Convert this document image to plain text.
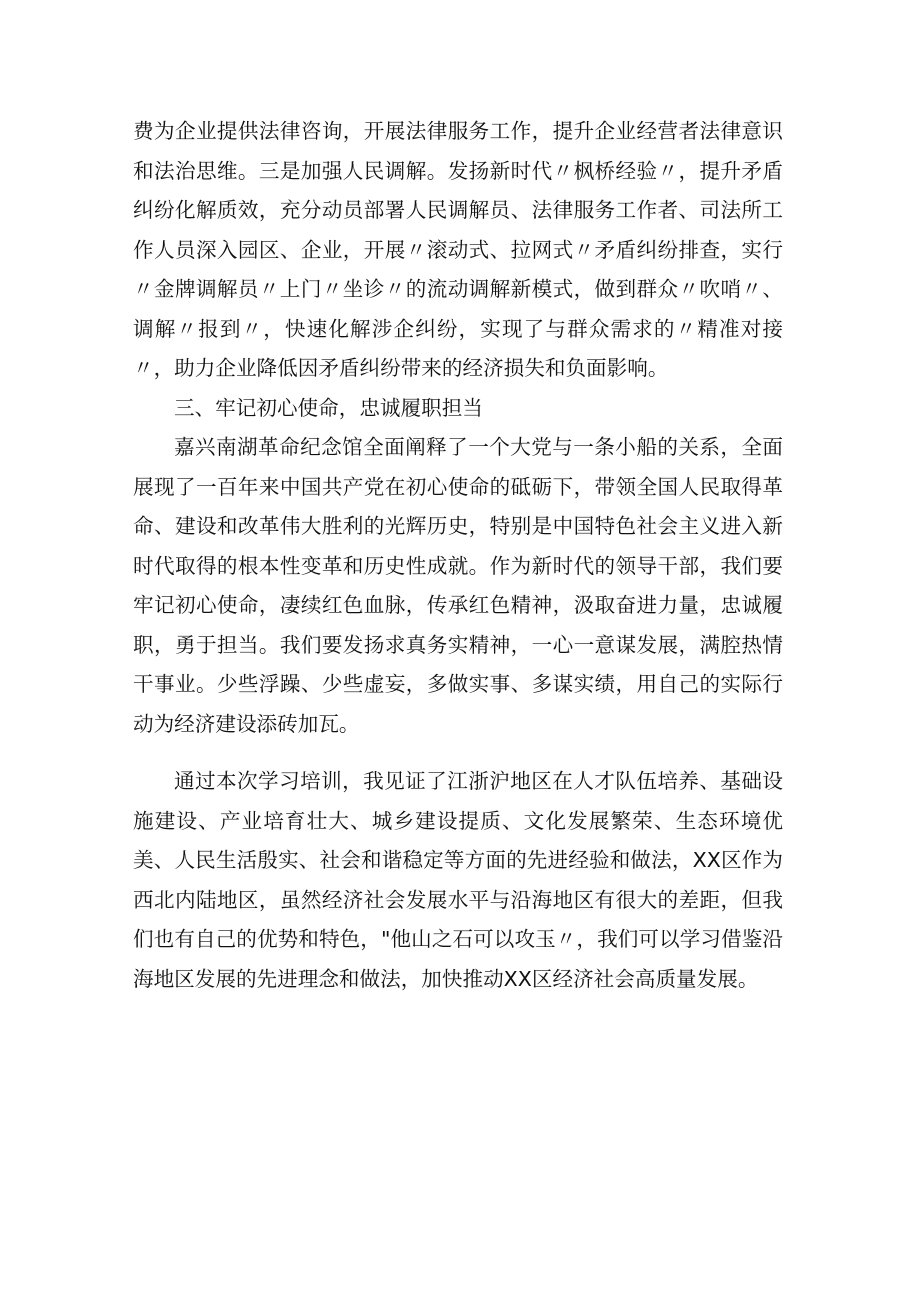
费为企业提供法律咨询，开展法律服务工作，提升企业经营者法律意识和法治思维。三是加强人民调解。发扬新时代〃枫桥经验〃，提升矛盾纠纷化解质效，充分动员部署人民调解员、法律服务工作者、司法所工作人员深入园区、企业，开展〃滚动式、拉网式〃矛盾纠纷排查，实行〃金牌调解员〃上门〃坐诊〃的流动调解新模式，做到群众〃吹哨〃、调解〃报到〃，快速化解涉企纠纷，实现了与群众需求的〃精准对接〃，助力企业降低因矛盾纠纷带来的经济损失和负面影响。

三、牢记初心使命，忠诚履职担当

嘉兴南湖革命纪念馆全面阐释了一个大党与一条小船的关系，全面展现了一百年来中国共产党在初心使命的砥砺下，带领全国人民取得革命、建设和改革伟大胜利的光辉历史，特别是中国特色社会主义进入新时代取得的根本性变革和历史性成就。作为新时代的领导干部，我们要牢记初心使命，凄续红色血脉，传承红色精神，汲取奋进力量，忠诚履职，勇于担当。我们要发扬求真务实精神，一心一意谋发展，满腔热情干事业。少些浮躁、少些虚妄，多做实事、多谋实绩，用自己的实际行动为经济建设添砖加瓦。

通过本次学习培训，我见证了江浙沪地区在人才队伍培养、基础设施建设、产业培育壮大、城乡建设提质、文化发展繁荣、生态环境优美、人民生活殷实、社会和谐稳定等方面的先进经验和做法，XX区作为西北内陆地区，虽然经济社会发展水平与沿海地区有很大的差距，但我们也有自己的优势和特色，"他山之石可以攻玉〃，我们可以学习借鉴沿海地区发展的先进理念和做法，加快推动XX区经济社会高质量发展。
